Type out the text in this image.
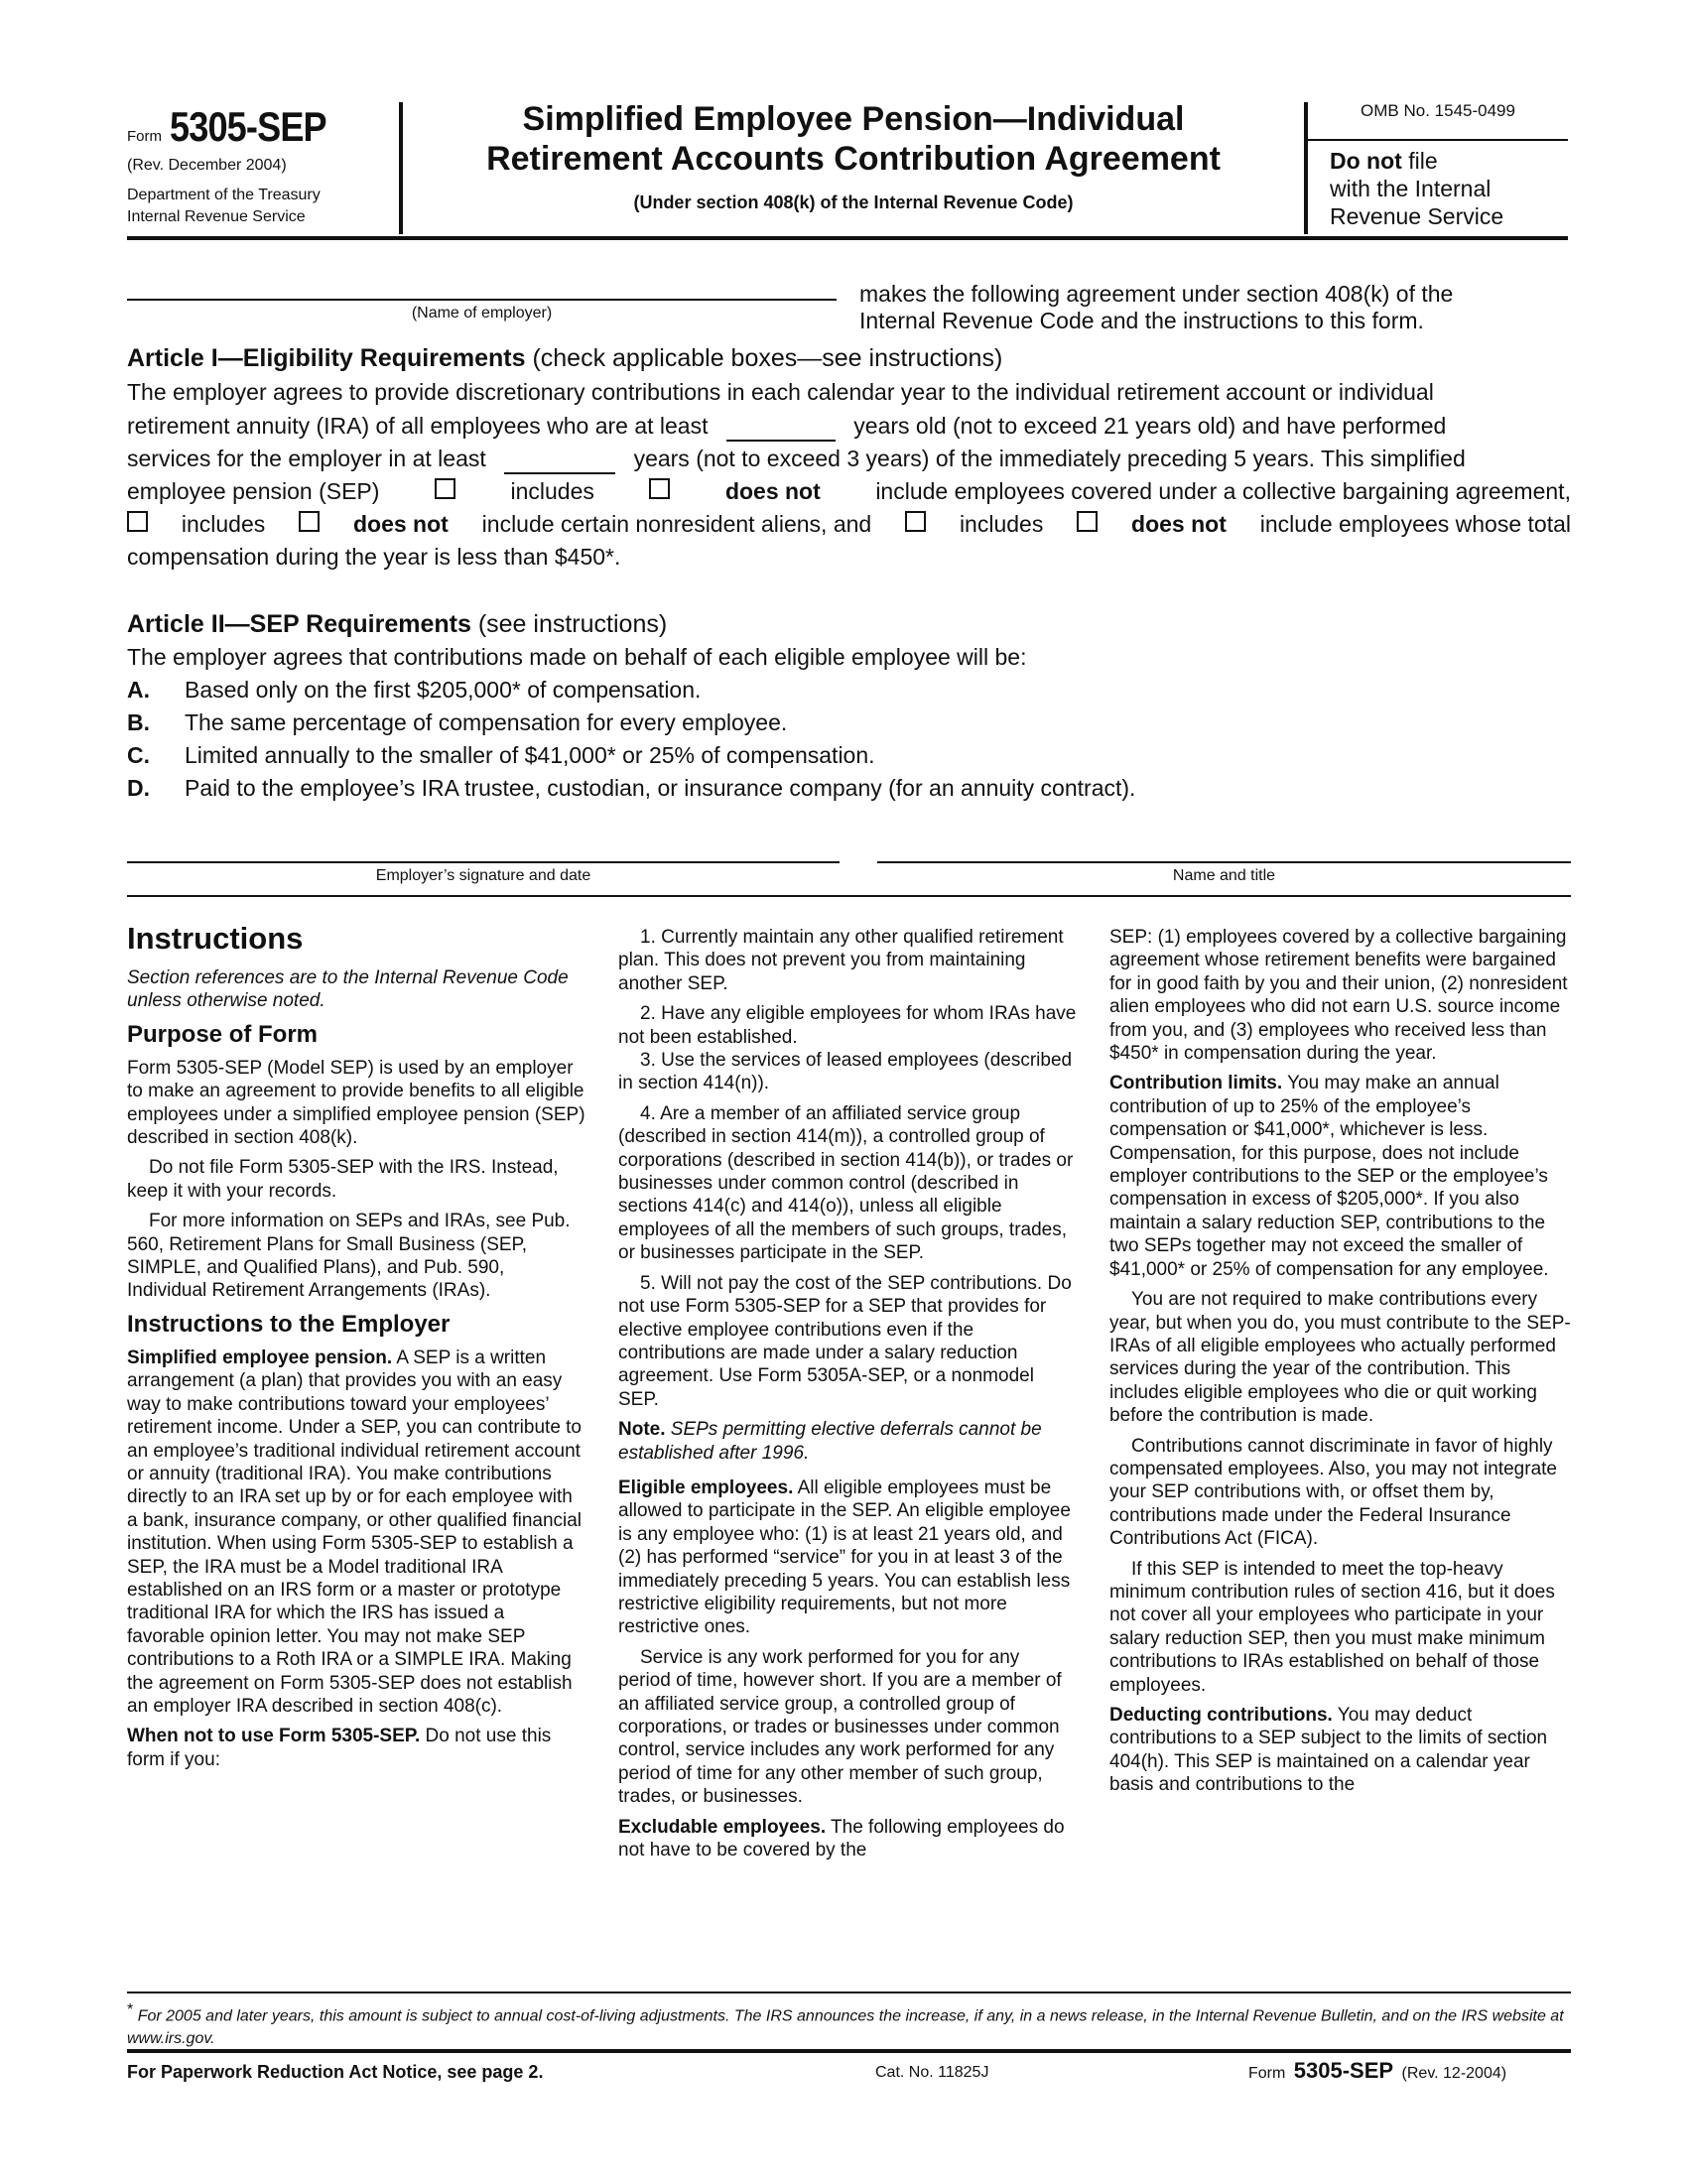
Form 5305-SEP
(Rev. December 2004)
Department of the Treasury
Internal Revenue Service
Simplified Employee Pension—Individual
Retirement Accounts Contribution Agreement
(Under section 408(k) of the Internal Revenue Code)
OMB No. 1545-0499
Do not file
with the Internal
Revenue Service
(Name of employer)
makes the following agreement under section 408(k) of the
Internal Revenue Code and the instructions to this form.
Article I—Eligibility Requirements (check applicable boxes—see instructions)
The employer agrees to provide discretionary contributions in each calendar year to the individual retirement account or individual
retirement annuity (IRA) of all employees who are at least	years old (not to exceed 21 years old) and have performed
services for the employer in at least	years (not to exceed 3 years) of the immediately preceding 5 years. This simplified
employee pension (SEP)	includes	does not include employees covered under a collective bargaining agreement,
includes	does not include certain nonresident aliens, and	includes	does not include employees whose total
compensation during the year is less than $450*.
Article II—SEP Requirements (see instructions)
The employer agrees that contributions made on behalf of each eligible employee will be:
A. Based only on the first $205,000* of compensation.
B. The same percentage of compensation for every employee.
C. Limited annually to the smaller of $41,000* or 25% of compensation.
D. Paid to the employee’s IRA trustee, custodian, or insurance company (for an annuity contract).
Employer’s signature and date	Name and title
Instructions

Section references are to the Internal Revenue Code unless otherwise noted.

Purpose of Form

Form 5305-SEP (Model SEP) is used by an employer to make an agreement to provide benefits to all eligible employees under a simplified employee pension (SEP) described in section 408(k).

Do not file Form 5305-SEP with the IRS. Instead, keep it with your records.

For more information on SEPs and IRAs, see Pub. 560, Retirement Plans for Small Business (SEP, SIMPLE, and Qualified Plans), and Pub. 590, Individual Retirement Arrangements (IRAs).

Instructions to the Employer

Simplified employee pension. A SEP is a written arrangement (a plan) that provides you with an easy way to make contributions toward your employees’ retirement income. Under a SEP, you can contribute to an employee’s traditional individual retirement account or annuity (traditional IRA). You make contributions directly to an IRA set up by or for each employee with a bank, insurance company, or other qualified financial institution. When using Form 5305-SEP to establish a SEP, the IRA must be a Model traditional IRA established on an IRS form or a master or prototype traditional IRA for which the IRS has issued a favorable opinion letter. You may not make SEP contributions to a Roth IRA or a SIMPLE IRA. Making the agreement on Form 5305-SEP does not establish an employer IRA described in section 408(c).

When not to use Form 5305-SEP. Do not use this form if you:

1. Currently maintain any other qualified retirement plan. This does not prevent you from maintaining another SEP.

2. Have any eligible employees for whom IRAs have not been established.

3. Use the services of leased employees (described in section 414(n)).

4. Are a member of an affiliated service group (described in section 414(m)), a controlled group of corporations (described in section 414(b)), or trades or businesses under common control (described in sections 414(c) and 414(o)), unless all eligible employees of all the members of such groups, trades, or businesses participate in the SEP.

5. Will not pay the cost of the SEP contributions. Do not use Form 5305-SEP for a SEP that provides for elective employee contributions even if the contributions are made under a salary reduction agreement. Use Form 5305A-SEP, or a nonmodel SEP.

Note. SEPs permitting elective deferrals cannot be established after 1996.

Eligible employees. All eligible employees must be allowed to participate in the SEP. An eligible employee is any employee who: (1) is at least 21 years old, and (2) has performed “service” for you in at least 3 of the immediately preceding 5 years. You can establish less restrictive eligibility requirements, but not more restrictive ones.

Service is any work performed for you for any period of time, however short. If you are a member of an affiliated service group, a controlled group of corporations, or trades or businesses under common control, service includes any work performed for any period of time for any other member of such group, trades, or businesses.

Excludable employees. The following employees do not have to be covered by the

SEP: (1) employees covered by a collective bargaining agreement whose retirement benefits were bargained for in good faith by you and their union, (2) nonresident alien employees who did not earn U.S. source income from you, and (3) employees who received less than $450* in compensation during the year.

Contribution limits. You may make an annual contribution of up to 25% of the employee’s compensation or $41,000*, whichever is less. Compensation, for this purpose, does not include employer contributions to the SEP or the employee’s compensation in excess of $205,000*. If you also maintain a salary reduction SEP, contributions to the two SEPs together may not exceed the smaller of $41,000* or 25% of compensation for any employee.

You are not required to make contributions every year, but when you do, you must contribute to the SEP-IRAs of all eligible employees who actually performed services during the year of the contribution. This includes eligible employees who die or quit working before the contribution is made.

Contributions cannot discriminate in favor of highly compensated employees. Also, you may not integrate your SEP contributions with, or offset them by, contributions made under the Federal Insurance Contributions Act (FICA).

If this SEP is intended to meet the top-heavy minimum contribution rules of section 416, but it does not cover all your employees who participate in your salary reduction SEP, then you must make minimum contributions to IRAs established on behalf of those employees.

Deducting contributions. You may deduct contributions to a SEP subject to the limits of section 404(h). This SEP is maintained on a calendar year basis and contributions to the

* For 2005 and later years, this amount is subject to annual cost-of-living adjustments. The IRS announces the increase, if any, in a news release, in the Internal Revenue Bulletin, and on the IRS website at www.irs.gov.
For Paperwork Reduction Act Notice, see page 2.	Cat. No. 11825J	Form 5305-SEP (Rev. 12-2004)
